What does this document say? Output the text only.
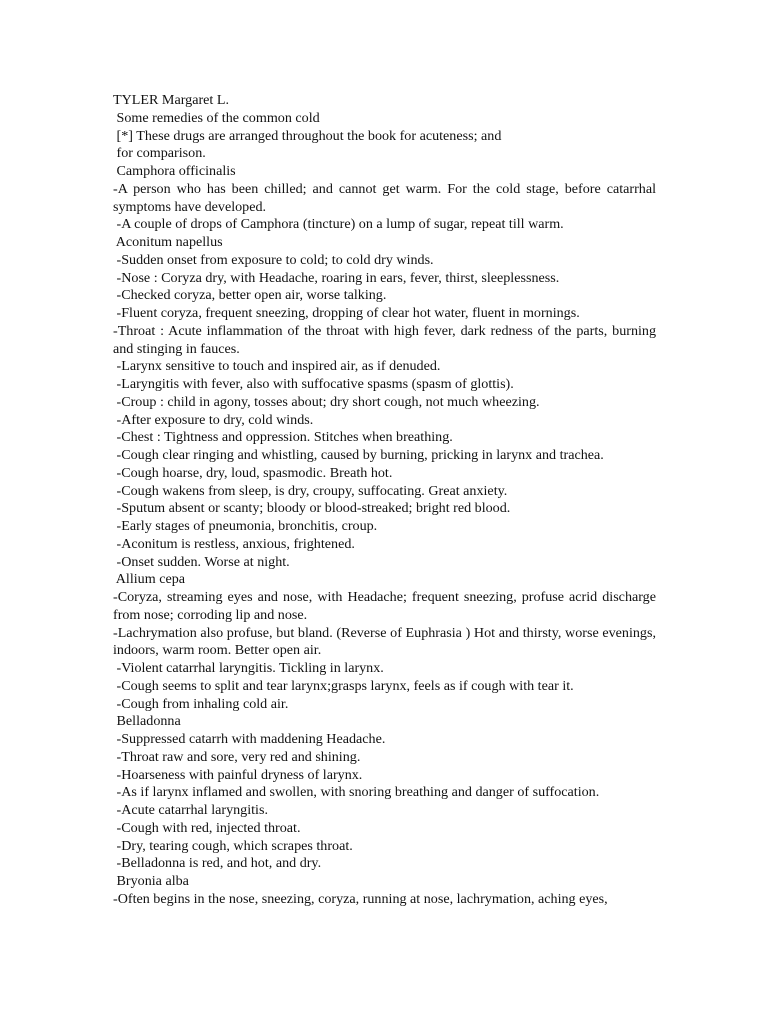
TYLER Margaret L.
Some remedies of the common cold
[*] These drugs are arranged throughout the book for acuteness; and
for comparison.
Camphora officinalis
-A person who has been chilled; and cannot get warm. For the cold stage, before catarrhal symptoms have developed.
-A couple of drops of Camphora (tincture) on a lump of sugar, repeat till warm.
Aconitum napellus
-Sudden onset from exposure to cold; to cold dry winds.
-Nose : Coryza dry, with Headache, roaring in ears, fever, thirst, sleeplessness.
-Checked coryza, better open air, worse talking.
-Fluent coryza, frequent sneezing, dropping of clear hot water, fluent in mornings.
-Throat : Acute inflammation of the throat with high fever, dark redness of the parts, burning and stinging in fauces.
-Larynx sensitive to touch and inspired air, as if denuded.
-Laryngitis with fever, also with suffocative spasms (spasm of glottis).
-Croup : child in agony, tosses about; dry short cough, not much wheezing.
-After exposure to dry, cold winds.
-Chest : Tightness and oppression. Stitches when breathing.
-Cough clear ringing and whistling, caused by burning, pricking in larynx and trachea.
-Cough hoarse, dry, loud, spasmodic. Breath hot.
-Cough wakens from sleep, is dry, croupy, suffocating. Great anxiety.
-Sputum absent or scanty; bloody or blood-streaked; bright red blood.
-Early stages of pneumonia, bronchitis, croup.
-Aconitum is restless, anxious, frightened.
-Onset sudden. Worse at night.
Allium cepa
-Coryza, streaming eyes and nose, with Headache; frequent sneezing, profuse acrid discharge from nose; corroding lip and nose.
-Lachrymation also profuse, but bland. (Reverse of Euphrasia ) Hot and thirsty, worse evenings, indoors, warm room. Better open air.
-Violent catarrhal laryngitis. Tickling in larynx.
-Cough seems to split and tear larynx;grasps larynx, feels as if cough with tear it.
-Cough from inhaling cold air.
Belladonna
-Suppressed catarrh with maddening Headache.
-Throat raw and sore, very red and shining.
-Hoarseness with painful dryness of larynx.
-As if larynx inflamed and swollen, with snoring breathing and danger of suffocation.
-Acute catarrhal laryngitis.
-Cough with red, injected throat.
-Dry, tearing cough, which scrapes throat.
-Belladonna is red, and hot, and dry.
Bryonia alba
-Often begins in the nose, sneezing, coryza, running at nose, lachrymation, aching eyes,
